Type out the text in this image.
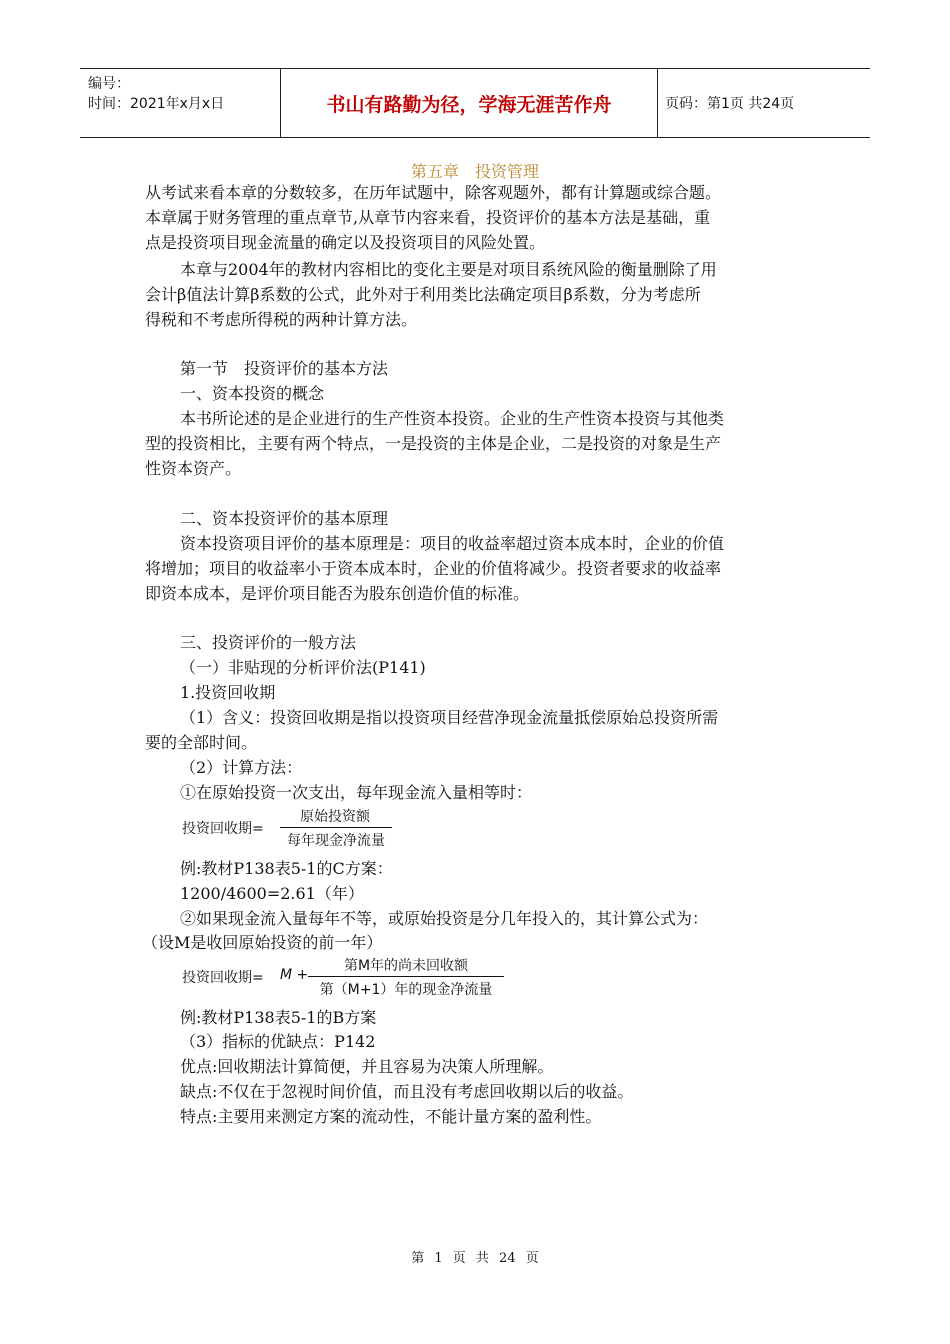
编号：
时间：2021年x月x日	书山有路勤为径，学海无涯苦作舟	页码：第1页 共24页
第五章　投资管理
从考试来看本章的分数较多，在历年试题中，除客观题外，都有计算题或综合题。
本章属于财务管理的重点章节,从章节内容来看，投资评价的基本方法是基础，重
点是投资项目现金流量的确定以及投资项目的风险处置。
本章与2004年的教材内容相比的变化主要是对项目系统风险的衡量删除了用
会计β值法计算β系数的公式，此外对于利用类比法确定项目β系数，分为考虑所
得税和不考虑所得税的两种计算方法。
第一节　投资评价的基本方法
一、资本投资的概念
本书所论述的是企业进行的生产性资本投资。企业的生产性资本投资与其他类
型的投资相比，主要有两个特点，一是投资的主体是企业，二是投资的对象是生产
性资本资产。
二、资本投资评价的基本原理
资本投资项目评价的基本原理是：项目的收益率超过资本成本时，企业的价值
将增加；项目的收益率小于资本成本时，企业的价值将减少。投资者要求的收益率
即资本成本，是评价项目能否为股东创造价值的标准。
三、投资评价的一般方法
（一）非贴现的分析评价法(P141)
1.投资回收期
（1）含义：投资回收期是指以投资项目经营净现金流量抵偿原始总投资所需
要的全部时间。
（2）计算方法：
①在原始投资一次支出，每年现金流入量相等时：
投资回收期=
原始投资额
每年现金净流量
例:教材P138表5-1的C方案：
1200/4600=2.61（年）
②如果现金流入量每年不等，或原始投资是分几年投入的，其计算公式为：
（设M是收回原始投资的前一年）
投资回收期= M +
第M年的尚未回收额
第（M+1）年的现金净流量
例:教材P138表5-1的B方案
（3）指标的优缺点：P142
优点:回收期法计算简便，并且容易为决策人所理解。
缺点:不仅在于忽视时间价值，而且没有考虑回收期以后的收益。
特点:主要用来测定方案的流动性，不能计量方案的盈利性。
第 1 页 共 24 页
